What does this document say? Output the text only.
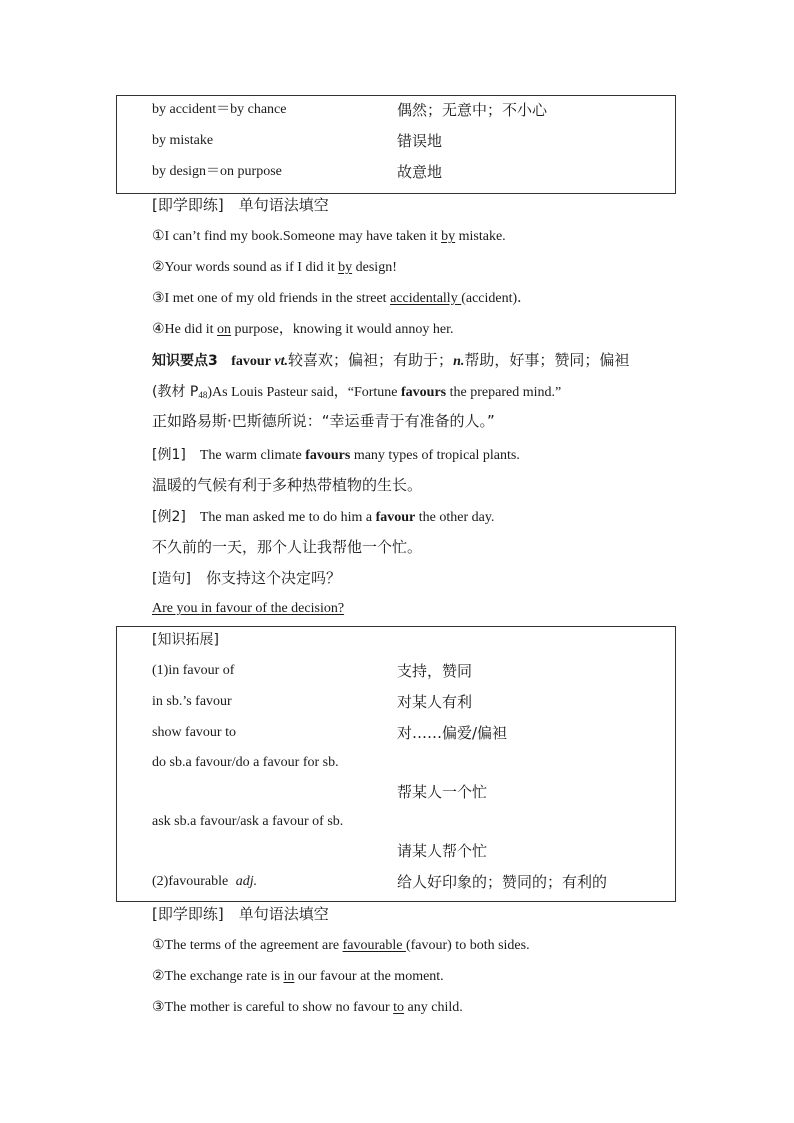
by accident＝by chance	偶然；无意中；不小心
by mistake	错误地
by design＝on purpose	故意地
[即学即练]　单句语法填空
①I can’t find my book.Someone may have taken it by mistake.
②Your words sound as if I did it by design!
③I met one of my old friends in the street accidentally (accident)．
④He did it on purpose，knowing it would annoy her.
知识要点3 favour vt.较喜欢；偏袒；有助于；n.帮助，好事；赞同；偏袒
(教材 $P_{48})As$ Louis Pasteur said，“Fortune favours the prepared mind.”
正如路易斯·巴斯德所说：“幸运垂青于有准备的人。”
[例1]　The warm climate favours many types of tropical plants.
温暖的气候有利于多种热带植物的生长。
[例2]　The man asked me to do him a favour the other day.
不久前的一天，那个人让我帮他一个忙。
[造句]　你支持这个决定吗？
Are you in favour of the decision?
[知识拓展]
(1)in favour of	支持，赞同
in sb.’s favour	对某人有利
show favour to	对……偏爱/偏袒
do sb.a favour/do a favour for sb.
帮某人一个忙
ask sb.a favour/ask a favour of sb.
请某人帮个忙
(2)favourable adj.	给人好印象的；赞同的；有利的
[即学即练]　单句语法填空
①The terms of the agreement are favourable (favour) to both sides.
②The exchange rate is in our favour at the moment.
③The mother is careful to show no favour to any child.
